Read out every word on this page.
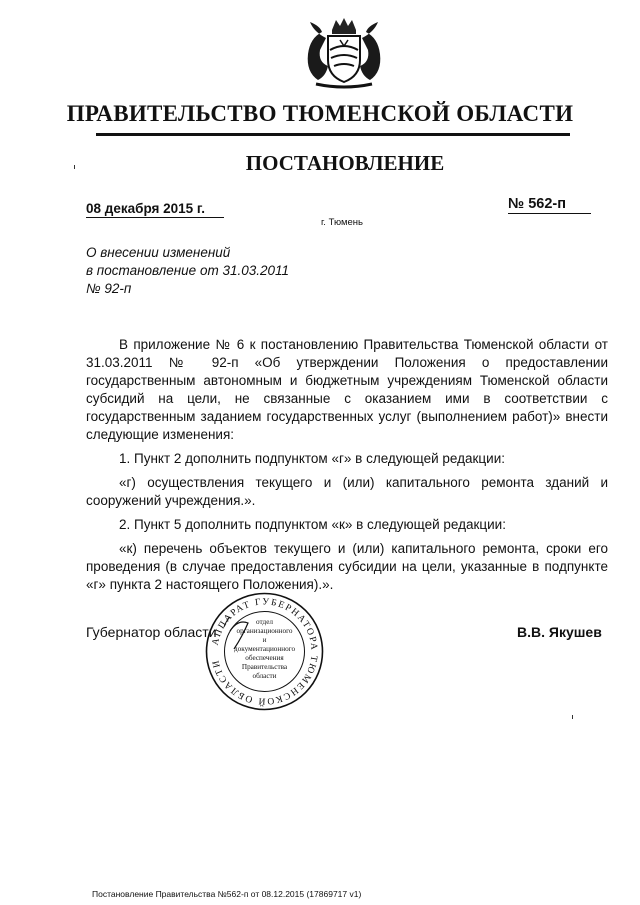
ПРАВИТЕЛЬСТВО ТЮМЕНСКОЙ ОБЛАСТИ
ПОСТАНОВЛЕНИЕ
08 декабря 2015 г.	№ 562-п
г. Тюмень
О внесении изменений
в постановление от 31.03.2011
№ 92-п

В приложение № 6 к постановлению Правительства Тюменской области от 31.03.2011 № 92-п «Об утверждении Положения о предоставлении государственным автономным и бюджетным учреждениям Тюменской области субсидий на цели, не связанные с оказанием ими в соответствии с государственным заданием государственных услуг (выполнением работ)» внести следующие изменения:

1. Пункт 2 дополнить подпунктом «г» в следующей редакции:

«г) осуществления текущего и (или) капитального ремонта зданий и сооружений учреждения.».

2. Пункт 5 дополнить подпунктом «к» в следующей редакции:

«к) перечень объектов текущего и (или) капитального ремонта, сроки его проведения (в случае предоставления субсидии на цели, указанные в подпункте «г» пункта 2 настоящего Положения).».

Губернатор области	В.В. Якушев
АППАРАТ ГУБЕРНАТОРА ТЮМЕНСКОЙ ОБЛАСТИ
отдел
организационного
и
документационного
обеспечения
Правительства
области
Постановление Правительства №562-п от 08.12.2015 (17869717 v1)
